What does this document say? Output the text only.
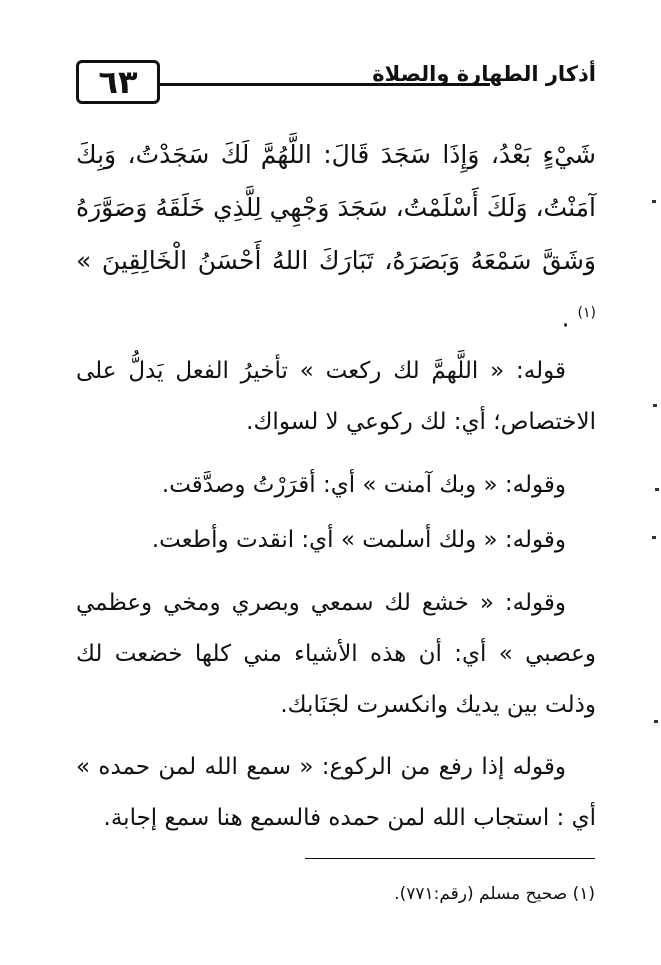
٦٣	أذكار الطهارة والصلاة
شَيْءٍ بَعْدُ، وَإِذَا سَجَدَ قَالَ: اللَّهُمَّ لَكَ سَجَدْتُ، وَبِكَ آمَنْتُ، وَلَكَ أَسْلَمْتُ، سَجَدَ وَجْهِي لِلَّذِي خَلَقَهُ وَصَوَّرَهُ وَشَقَّ سَمْعَهُ وَبَصَرَهُ، تَبَارَكَ اللهُ أَحْسَنُ الْخَالِقِينَ » $^{(١)}$ .
قوله: « اللَّهمَّ لك ركعت » تأخيرُ الفعل يَدلُّ على الاختصاص؛ أي: لك ركوعي لا لسواك.
وقوله: « وبك آمنت » أي: أقرَرْتُ وصدَّقت.
وقوله: « ولك أسلمت » أي: انقدت وأطعت.
وقوله: « خشع لك سمعي وبصري ومخي وعظمي وعصبي » أي: أن هذه الأشياء مني كلها خضعت لك وذلت بين يديك وانكسرت لجَنَابك.
وقوله إذا رفع من الركوع: « سمع الله لمن حمده » أي : استجاب الله لمن حمده فالسمع هنا سمع إجابة.
(١) صحيح مسلم (رقم:٧٧١).
